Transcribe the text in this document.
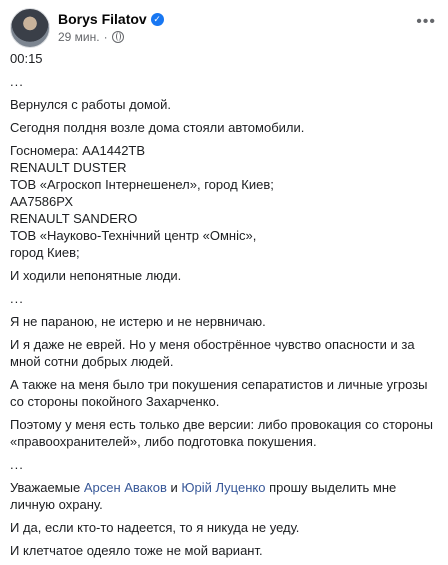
Borys Filatov ✓
29 мин. ·
•••

00:15

...

Вернулся с работы домой.

Сегодня полдня возле дома стояли автомобили.

Госномера: АА1442ТВ
RENAULT DUSTER
ТОВ «Агроскоп Інтернешенел», город Киев;
АА7586РХ
RENAULT SANDERO
ТОВ «Науково-Технічний центр «Омніс»,
город Киев;

И ходили непонятные люди.

...

Я не параною, не истерю и не нервничаю.

И я даже не еврей. Но у меня обострённое чувство опасности и за мной сотни добрых людей.

А также на меня было три покушения сепаратистов и личные угрозы со стороны покойного Захарченко.

Поэтому у меня есть только две версии: либо провокация со стороны «правоохранителей», либо подготовка покушения.

...

Уважаемые Арсен Аваков и Юрій Луценко прошу выделить мне личную охрану.

И да, если кто-то надеется, то я никуда не уеду.

И клетчатое одеяло тоже не мой вариант.
